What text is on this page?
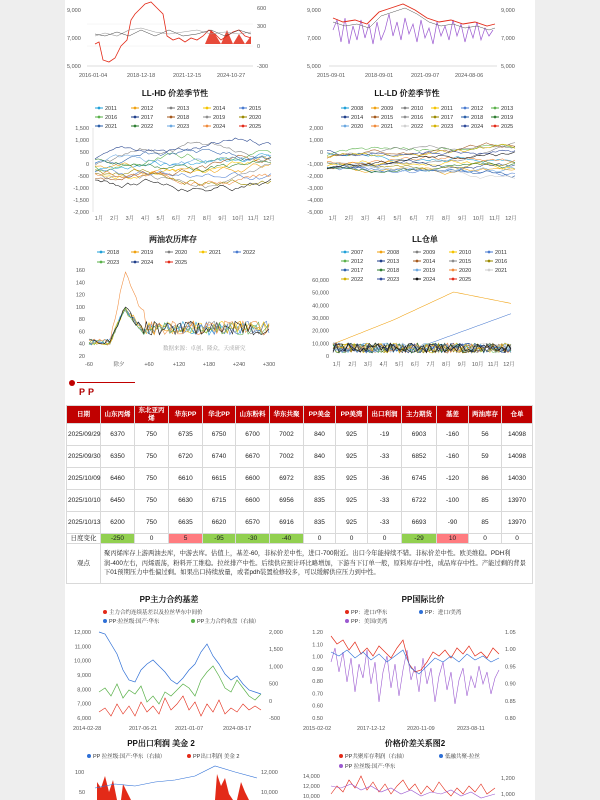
9,000
7,000
5,000
600
300
0
-300
2016-01-04	2018-12-18	2021-12-15	2024-10-27
9,000
7,000
5,000
9,000
7,000
5,000
2015-09-01	2018-09-01	2021-09-07	2024-08-06
LL-HD 价差季节性
2011	2012	2013	2014	2015
2016	2017	2018	2019	2020
2021	2022	2023	2024	2025
1,500
1,000
500
0
-500
-1,000
-1,500
-2,000
1月 2月 3月 4月 5月 6月 7月 8月 9月 10月 11月 12月
LL-LD 价差季节性
2008	2009	2010	2011	2012	2013
2014	2015	2016	2017	2018	2019
2020	2021	2022	2023	2024	2025
2,000
1,000
0
-1,000
-2,000
-3,000
-4,000
-5,000
1月 2月 3月 4月 5月 6月 7月 8月 9月 10月 11月 12月
两油农历库存
2018	2019	2020	2021	2022
2023	2024	2025
160
140
120
100
80
60
40
20
-60	除夕	+60	+120	+180	+240	+300
数据来源：卓创、隆众，天成研究
LL仓单
2007	2008	2009	2010	2011
2012	2013	2014	2015	2016
2017	2018	2019	2020	2021
2022	2023	2024	2025
60,000
50,000
40,000
30,000
20,000
10,000
0
1月 2月 3月 4月 5月 6月 7月 8月 9月 10月 11月 12月
PP
日期	山东丙烯	东北亚丙烯	华东PP	华北PP	山东粉料	华东共聚	PP美金	PP美湾	出口利润	主力期货	基差	两油库存	仓单
2025/09/29	6370	750	6735	6750	6700	7002	840	925	-19	6903	-160	56	14098
2025/09/30	6350	750	6720	6740	6670	7002	840	925	-33	6852	-160	59	14098
2025/10/09	6460	750	6610	6615	6600	6972	835	925	-36	6745	-120	86	14030
2025/10/10	6450	750	6630	6715	6600	6956	835	925	-33	6722	-100	85	13970
2025/10/13	6200	750	6635	6620	6570	6916	835	925	-33	6693	-90	85	13970
日度变化	-250	0	5	-95	-30	-40	0	0	0	-29	10	0	0
观点	聚丙烯库存上游两油去库，中游去库。估值上，基差-60，非标价差中性，进口-700附近。出口今年能持续不错。非标价差中性。欧美维稳。PDH利润-400左右，丙烯震荡，粉料开工维稳。拉丝排产中性。后续供应预计环比略增加，下游当下订单一般，原料库存中性，成品库存中性。产能过剩的背景下01预期压力中性偏过剩。如果出口持续放量，或者pdh装置检修较多，可以缓解供应压力到中性。												
PP主力合约基差
主力合约连续基差以及拉丝华东中间价
PP:拉丝级:国产:华东	PP主力合约收盘（右轴）
12,000
11,000
10,000
9,000
8,000
7,000
6,000
2,000
1,500
1,000
500
0
-500
2014-02-28	2017-06-21	2021-01-07	2024-08-17
PP国际比价
PP：进口/华东	PP：进口/美湾
PP：美国/美湾
1.20
1.10
1.00
0.90
0.80
0.70
0.60
0.50
1.05
1.00
0.95
0.90
0.85
0.80
2015-02-02	2017-12-12	2020-11-09	2023-08-11
PP出口利润 美金 2
PP 拉丝级:国产:华东（右轴）	PP出口利润 美金 2
100
50
12,000
10,000
价格价差关系图2
PP共聚库存利润（右轴）	低融共聚-拉丝
PP 拉丝级:国产:华东
14,000
12,000
10,000
1,200
1,000
